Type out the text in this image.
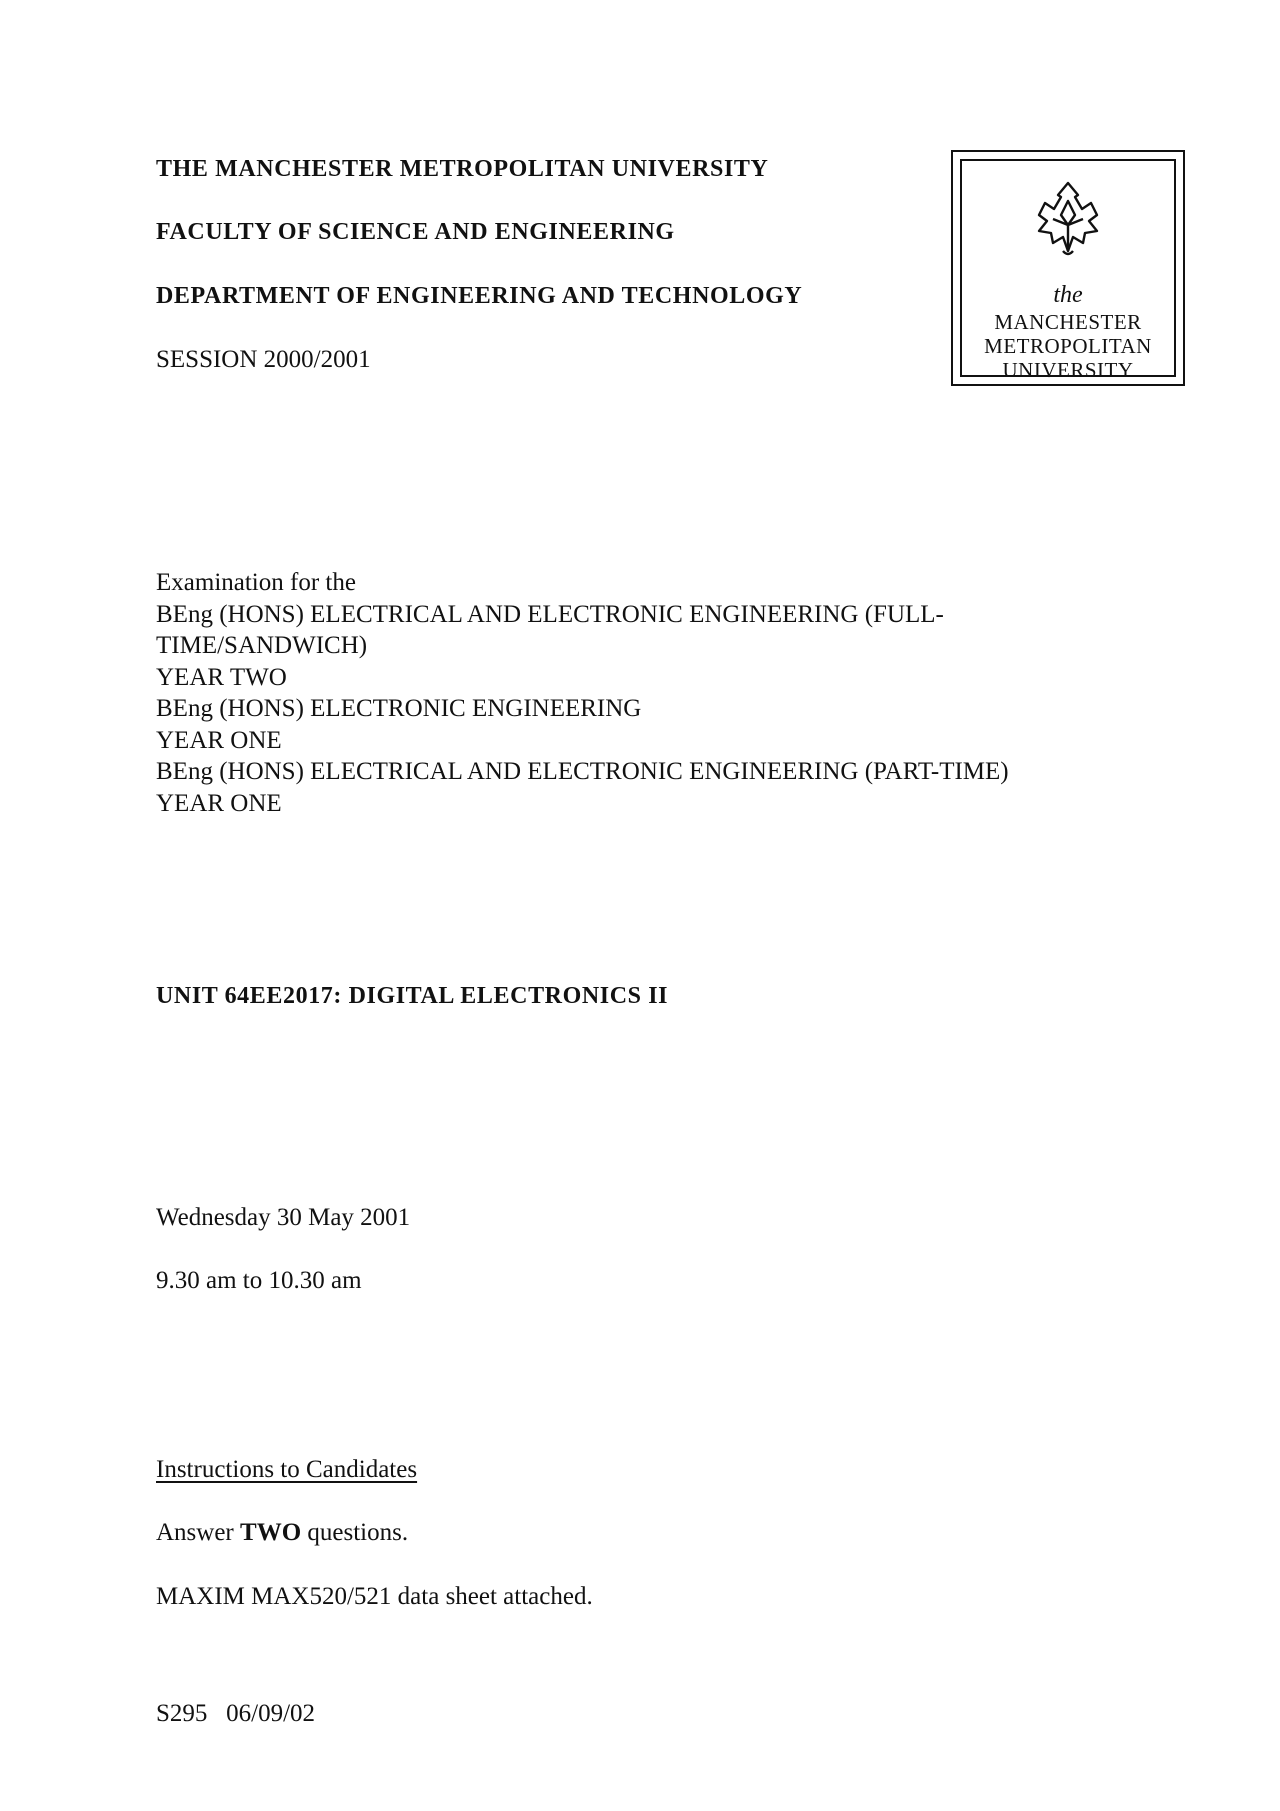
THE MANCHESTER METROPOLITAN UNIVERSITY
FACULTY OF SCIENCE AND ENGINEERING
DEPARTMENT OF ENGINEERING AND TECHNOLOGY
SESSION 2000/2001
the
MANCHESTER
METROPOLITAN
UNIVERSITY
Examination for the
BEng (HONS) ELECTRICAL AND ELECTRONIC ENGINEERING (FULL-
TIME/SANDWICH)
YEAR TWO
BEng (HONS) ELECTRONIC ENGINEERING
YEAR ONE
BEng (HONS) ELECTRICAL AND ELECTRONIC ENGINEERING (PART-TIME)
YEAR ONE
UNIT 64EE2017: DIGITAL ELECTRONICS II
Wednesday 30 May 2001
9.30 am to 10.30 am
Instructions to Candidates
Answer TWO questions.
MAXIM MAX520/521 data sheet attached.
S295   06/09/02
